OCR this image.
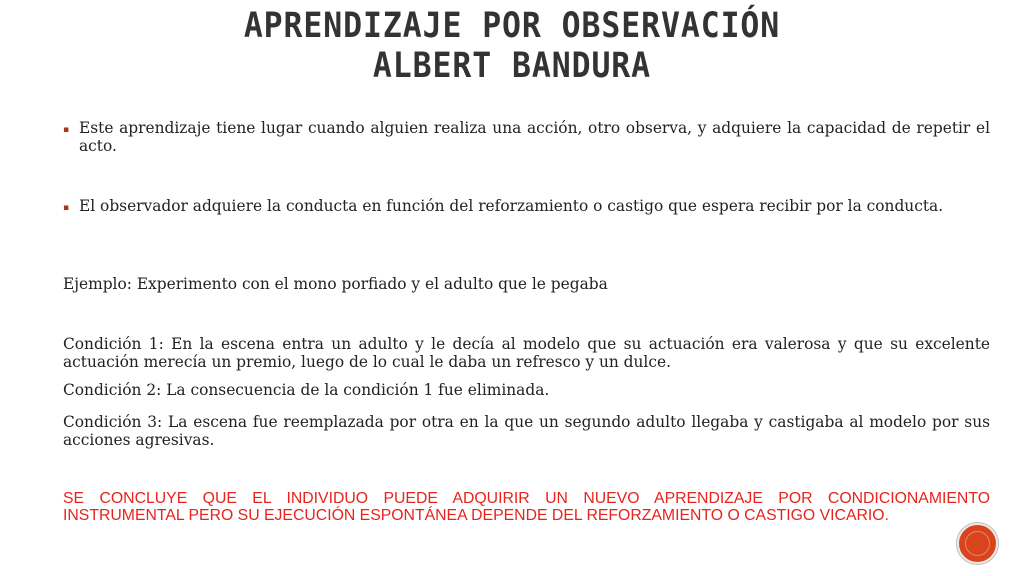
APRENDIZAJE POR OBSERVACIÓN
ALBERT BANDURA
▪ Este aprendizaje tiene lugar cuando alguien realiza una acción, otro observa, y adquiere la capacidad de repetir el acto.
▪ El observador adquiere la conducta en función del reforzamiento o castigo que espera recibir por la conducta.
Ejemplo: Experimento con el mono porfiado y el adulto que le pegaba
Condición 1: En la escena entra un adulto y le decía al modelo que su actuación era valerosa y que su excelente actuación merecía un premio, luego de lo cual le daba un refresco y un dulce.
Condición 2: La consecuencia de la condición 1 fue eliminada.
Condición 3: La escena fue reemplazada por otra en la que un segundo adulto llegaba y castigaba al modelo por sus acciones agresivas.
SE CONCLUYE QUE EL INDIVIDUO PUEDE ADQUIRIR UN NUEVO APRENDIZAJE POR CONDICIONAMIENTO INSTRUMENTAL PERO SU EJECUCIÓN ESPONTÁNEA DEPENDE DEL REFORZAMIENTO O CASTIGO VICARIO.
